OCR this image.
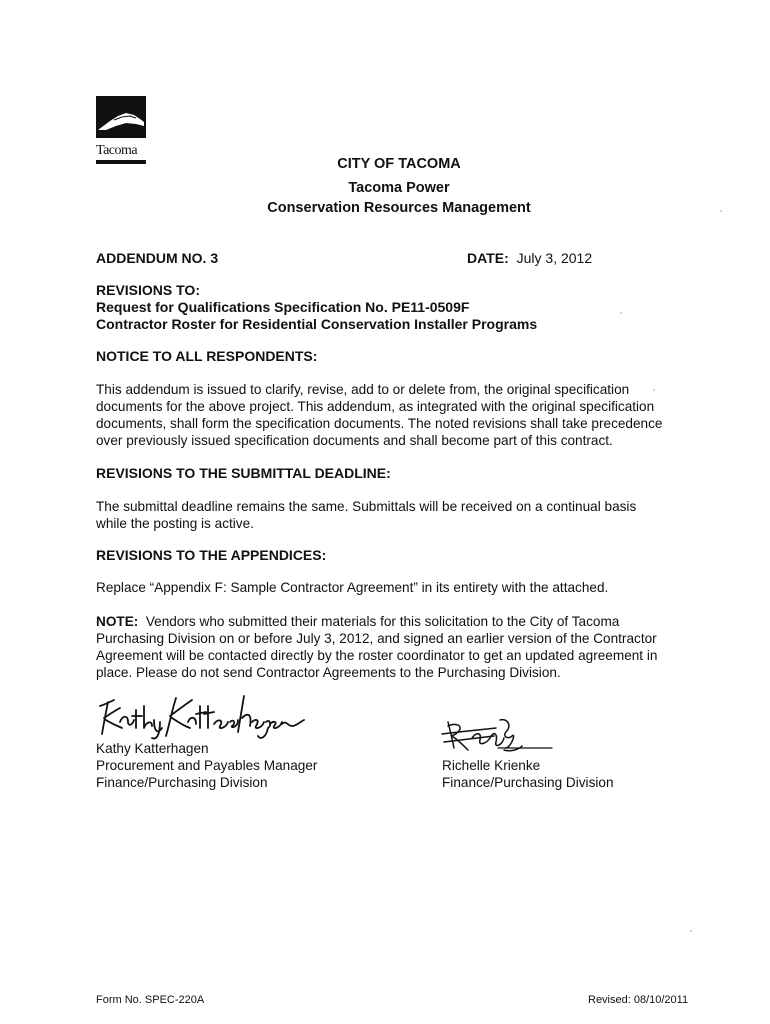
Tacoma
CITY OF TACOMA
Tacoma Power
Conservation Resources Management
ADDENDUM NO. 3	DATE: July 3, 2012
REVISIONS TO:
Request for Qualifications Specification No. PE11-0509F
Contractor Roster for Residential Conservation Installer Programs
NOTICE TO ALL RESPONDENTS:

This addendum is issued to clarify, revise, add to or delete from, the original specification

documents for the above project. This addendum, as integrated with the original specification

documents, shall form the specification documents. The noted revisions shall take precedence

over previously issued specification documents and shall become part of this contract.

REVISIONS TO THE SUBMITTAL DEADLINE:

The submittal deadline remains the same. Submittals will be received on a continual basis

while the posting is active.

REVISIONS TO THE APPENDICES:
Replace “Appendix F: Sample Contractor Agreement” in its entirety with the attached.

NOTE:  Vendors who submitted their materials for this solicitation to the City of Tacoma

Purchasing Division on or before July 3, 2012, and signed an earlier version of the Contractor

Agreement will be contacted directly by the roster coordinator to get an updated agreement in

place. Please do not send Contractor Agreements to the Purchasing Division.

Kathy Katterhagen

Procurement and Payables Manager

Finance/Purchasing Division

Richelle Krienke

Finance/Purchasing Division

Form No. SPEC-220A	Revised: 08/10/2011
